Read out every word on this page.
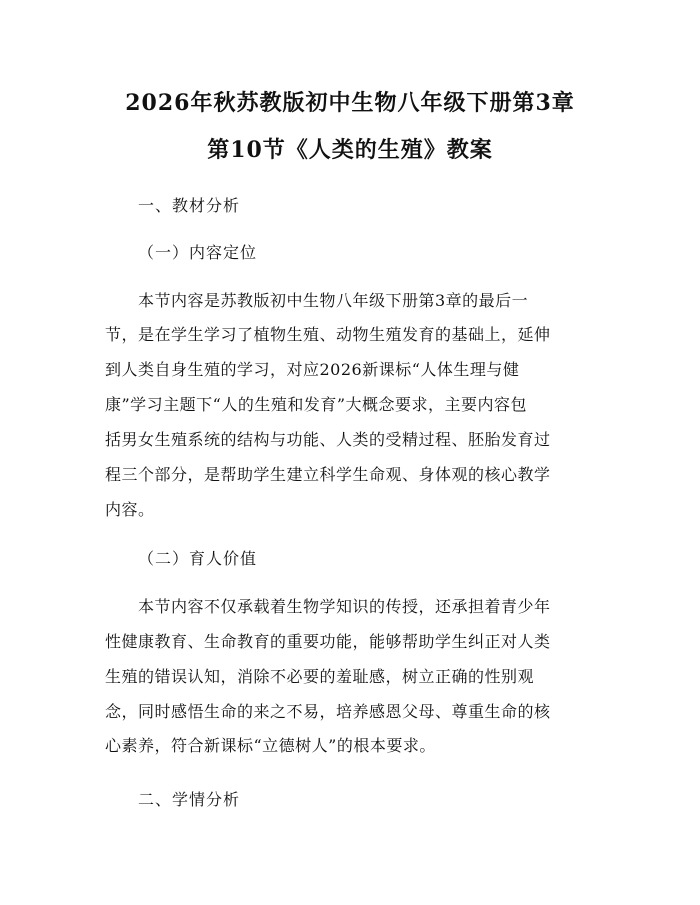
2026年秋苏教版初中生物八年级下册第3章
第10节《人类的生殖》教案
一、教材分析
（一）内容定位
本节内容是苏教版初中生物八年级下册第3章的最后一
节，是在学生学习了植物生殖、动物生殖发育的基础上，延伸
到人类自身生殖的学习，对应2026新课标“人体生理与健
康”学习主题下“人的生殖和发育”大概念要求，主要内容包
括男女生殖系统的结构与功能、人类的受精过程、胚胎发育过
程三个部分，是帮助学生建立科学生命观、身体观的核心教学
内容。
（二）育人价值
本节内容不仅承载着生物学知识的传授，还承担着青少年
性健康教育、生命教育的重要功能，能够帮助学生纠正对人类
生殖的错误认知，消除不必要的羞耻感，树立正确的性别观
念，同时感悟生命的来之不易，培养感恩父母、尊重生命的核
心素养，符合新课标“立德树人”的根本要求。
二、学情分析
